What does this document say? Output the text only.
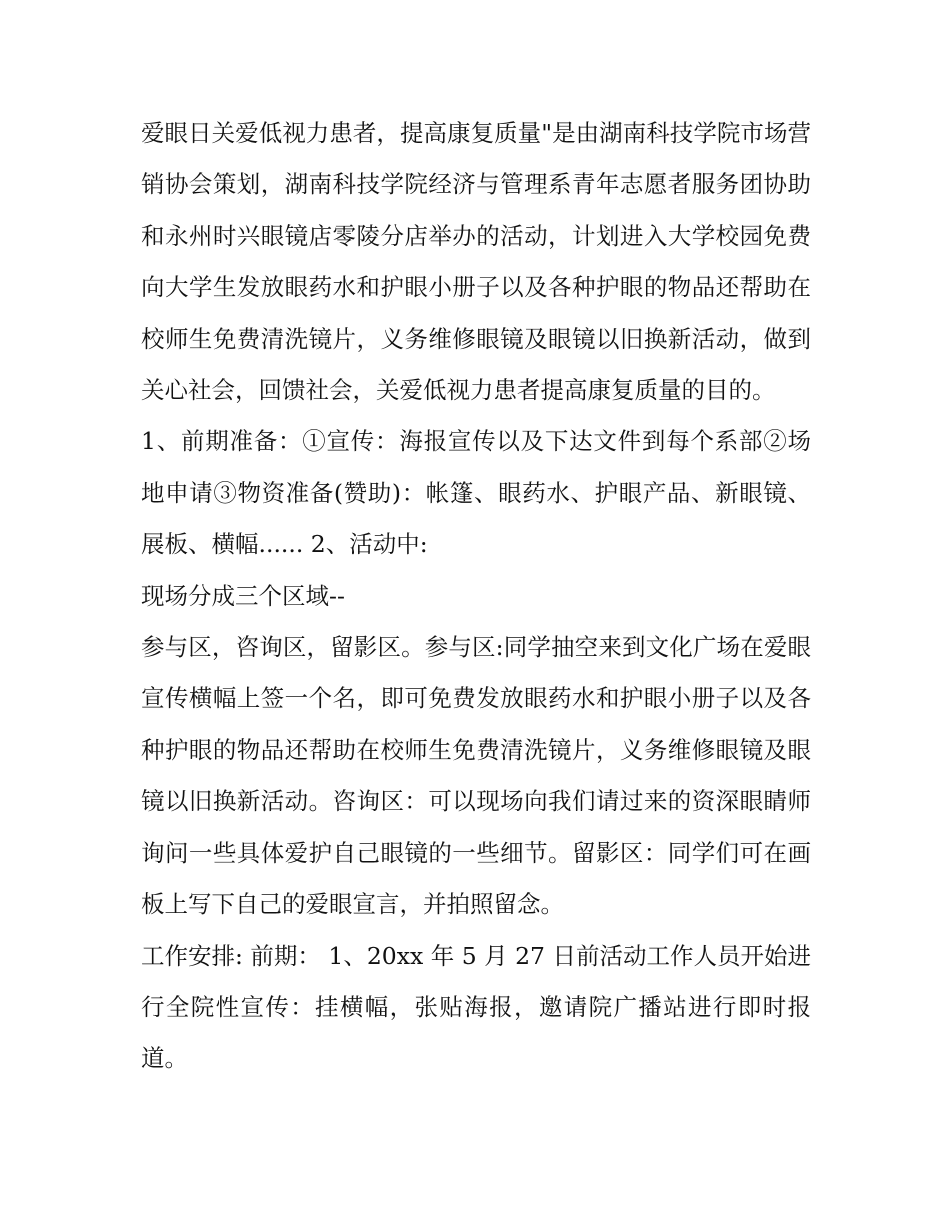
爱眼日关爱低视力患者，提高康复质量"是由湖南科技学院市场营销协会策划，湖南科技学院经济与管理系青年志愿者服务团协助和永州时兴眼镜店零陵分店举办的活动，计划进入大学校园免费向大学生发放眼药水和护眼小册子以及各种护眼的物品还帮助在校师生免费清洗镜片，义务维修眼镜及眼镜以旧换新活动，做到关心社会，回馈社会，关爱低视力患者提高康复质量的目的。

1、前期准备：①宣传：海报宣传以及下达文件到每个系部②场地申请③物资准备(赞助)：帐篷、眼药水、护眼产品、新眼镜、展板、横幅...... 2、活动中:

现场分成三个区域--

参与区，咨询区，留影区。参与区:同学抽空来到文化广场在爱眼宣传横幅上签一个名，即可免费发放眼药水和护眼小册子以及各种护眼的物品还帮助在校师生免费清洗镜片，义务维修眼镜及眼镜以旧换新活动。咨询区：可以现场向我们请过来的资深眼睛师询问一些具体爱护自己眼镜的一些细节。留影区：同学们可在画板上写下自己的爱眼宣言，并拍照留念。

工作安排: 前期： 1、20xx 年 5 月 27 日前活动工作人员开始进行全院性宣传：挂横幅，张贴海报，邀请院广播站进行即时报道。
